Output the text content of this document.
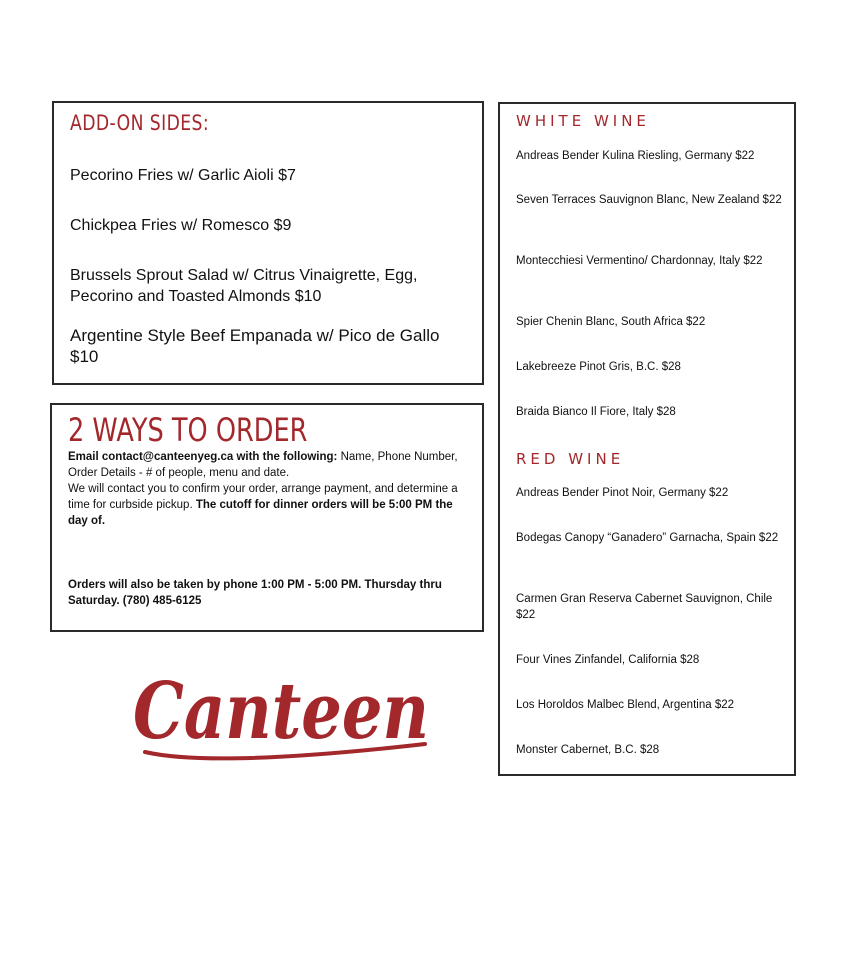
ADD-ON SIDES:
Pecorino Fries w/ Garlic Aioli $7
Chickpea Fries w/ Romesco $9
Brussels Sprout Salad w/ Citrus Vinaigrette, Egg, Pecorino and Toasted Almonds $10
Argentine Style Beef Empanada w/ Pico de Gallo $10
2 WAYS TO ORDER
Email contact@canteenyeg.ca with the following: Name, Phone Number, Order Details - # of people, menu and date.
We will contact you to confirm your order, arrange payment, and determine a time for curbside pickup. The cutoff for dinner orders will be 5:00 PM the day of.
Orders will also be taken by phone 1:00 PM - 5:00 PM. Thursday thru Saturday. (780) 485-6125
WHITE WINE
Andreas Bender Kulina Riesling, Germany $22
Seven Terraces Sauvignon Blanc, New Zealand $22
Montecchiesi Vermentino/ Chardonnay, Italy $22
Spier Chenin Blanc, South Africa $22
Lakebreeze Pinot Gris, B.C. $28
Braida Bianco Il Fiore, Italy $28
RED WINE
Andreas Bender Pinot Noir, Germany $22
Bodegas Canopy “Ganadero” Garnacha, Spain $22
Carmen Gran Reserva Cabernet Sauvignon, Chile $22
Four Vines Zinfandel, California $28
Los Horoldos Malbec Blend, Argentina $22
Monster Cabernet, B.C. $28
Canteen
